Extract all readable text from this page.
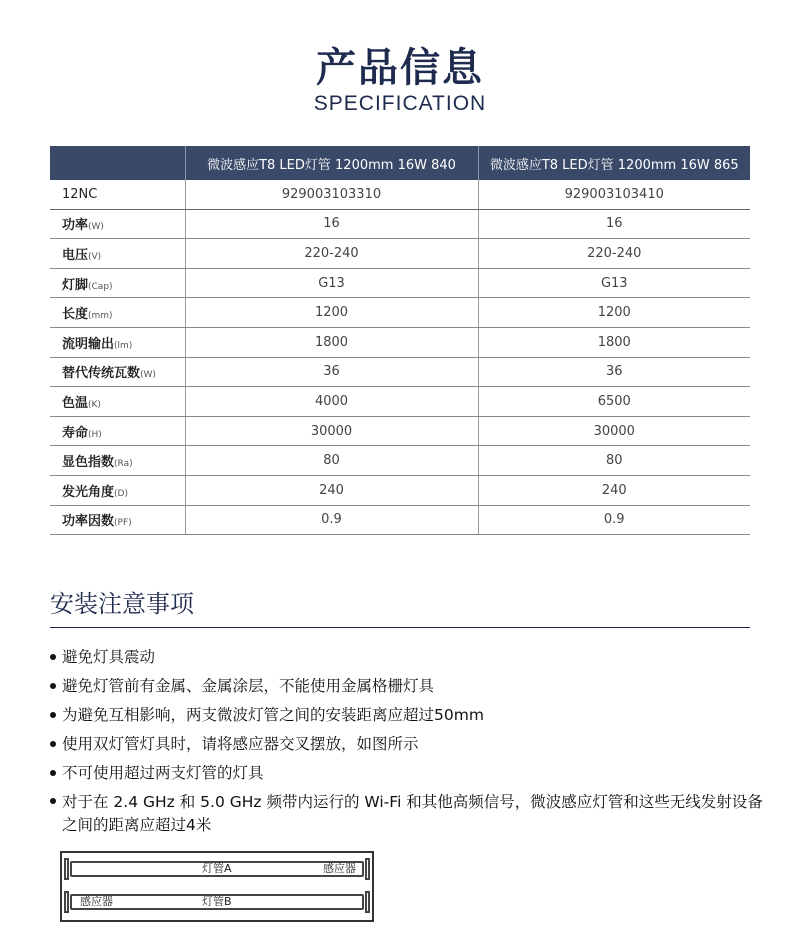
产品信息
SPECIFICATION
	微波感应T8 LED灯管 1200mm 16W 840	微波感应T8 LED灯管 1200mm 16W 865
12NC	929003103310	929003103410
功率(W)	16	16
电压(V)	220-240	220-240
灯脚(Cap)	G13	G13
长度(mm)	1200	1200
流明输出(lm)	1800	1800
替代传统瓦数(W)	36	36
色温(K)	4000	6500
寿命(H)	30000	30000
显色指数(Ra)	80	80
发光角度(D)	240	240
功率因数(PF)	0.9	0.9
安装注意事项
避免灯具震动
避免灯管前有金属、金属涂层，不能使用金属格栅灯具
为避免互相影响，两支微波灯管之间的安装距离应超过50mm
使用双灯管灯具时，请将感应器交叉摆放，如图所示
不可使用超过两支灯管的灯具
对于在 2.4 GHz 和 5.0 GHz 频带内运行的 Wi-Fi 和其他高频信号，微波感应灯管和这些无线发射设备之间的距离应超过4米
灯管A	感应器
感应器	灯管B
